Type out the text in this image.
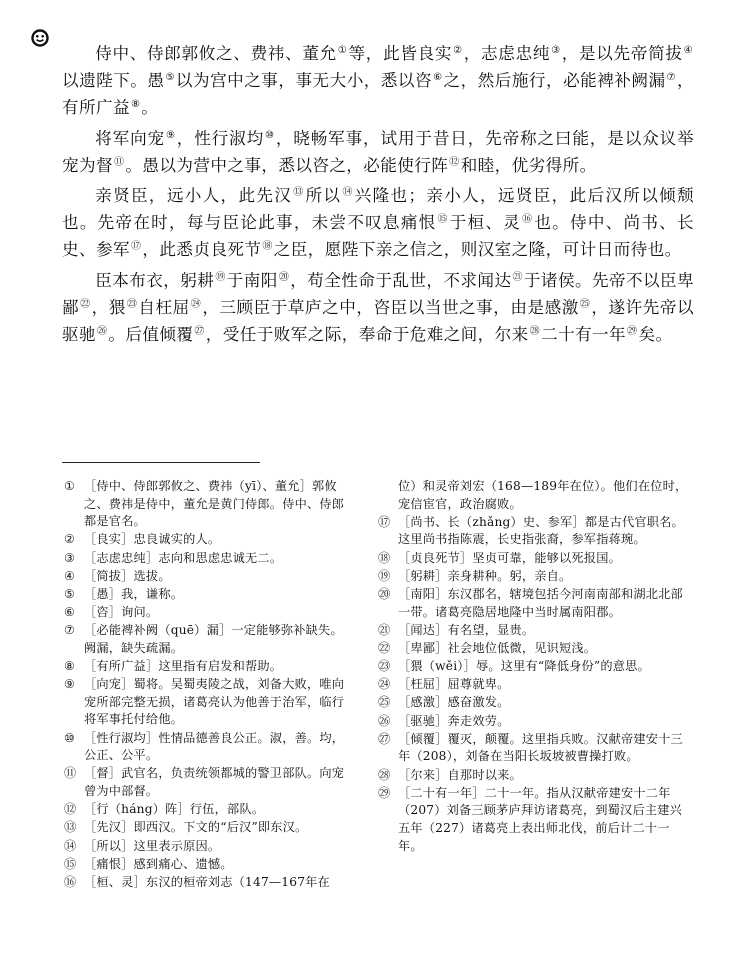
侍中、侍郎郭攸之、费祎、董允①等，此皆良实②，志虑忠纯③，是以先帝简拔④以遗陛下。愚⑤以为宫中之事，事无大小，悉以咨⑥之，然后施行，必能裨补阙漏⑦，有所广益⑧。

将军向宠⑨，性行淑均⑩，晓畅军事，试用于昔日，先帝称之曰能，是以众议举宠为督⑪。愚以为营中之事，悉以咨之，必能使行阵⑫和睦，优劣得所。

亲贤臣，远小人，此先汉⑬所以⑭兴隆也；亲小人，远贤臣，此后汉所以倾颓也。先帝在时，每与臣论此事，未尝不叹息痛恨⑮于桓、灵⑯也。侍中、尚书、长史、参军⑰，此悉贞良死节⑱之臣，愿陛下亲之信之，则汉室之隆，可计日而待也。

臣本布衣，躬耕⑲于南阳⑳，苟全性命于乱世，不求闻达$^㉑$于诸侯。先帝不以臣卑鄙$^㉒$，猥$^㉓$自枉屈$^㉔$，三顾臣于草庐之中，咨臣以当世之事，由是感激$^㉕$，遂许先帝以驱驰$^㉖$。后值倾覆$^㉗$，受任于败军之际，奉命于危难之间，尔来$^㉘$二十有一年$^㉙$矣。

① ［侍中、侍郎郭攸之、费祎（yī）、董允］郭攸之、费祎是侍中，董允是黄门侍郎。侍中、侍郎都是官名。
② ［良实］忠良诚实的人。
③ ［志虑忠纯］志向和思虑忠诚无二。
④ ［简拔］选拔。
⑤ ［愚］我，谦称。
⑥ ［咨］询问。
⑦ ［必能裨补阙（quē）漏］一定能够弥补缺失。阙漏，缺失疏漏。
⑧ ［有所广益］这里指有启发和帮助。
⑨ ［向宠］蜀将。吴蜀夷陵之战，刘备大败，唯向宠所部完整无损，诸葛亮认为他善于治军，临行将军事托付给他。
⑩ ［性行淑均］性情品德善良公正。淑，善。均，公正、公平。
⑪ ［督］武官名，负责统领都城的警卫部队。向宠曾为中部督。
⑫ ［行（háng）阵］行伍，部队。
⑬ ［先汉］即西汉。下文的“后汉”即东汉。
⑭ ［所以］这里表示原因。
⑮ ［痛恨］感到痛心、遗憾。
⑯ ［桓、灵］东汉的桓帝刘志（147—167年在
位）和灵帝刘宏（168—189年在位）。他们在位时，宠信宦官，政治腐败。
⑰ ［尚书、长（zhǎng）史、参军］都是古代官职名。这里尚书指陈震，长史指张裔，参军指蒋琬。
⑱ ［贞良死节］坚贞可靠，能够以死报国。
⑲ ［躬耕］亲身耕种。躬，亲自。
⑳ ［南阳］东汉郡名，辖境包括今河南南部和湖北北部一带。诸葛亮隐居地隆中当时属南阳郡。
㉑ ［闻达］有名望，显贵。
㉒ ［卑鄙］社会地位低微，见识短浅。
㉓ ［猥（wěi）］辱。这里有“降低身份”的意思。
㉔ ［枉屈］屈尊就卑。
㉕ ［感激］感奋激发。
㉖ ［驱驰］奔走效劳。
㉗ ［倾覆］覆灭，颠覆。这里指兵败。汉献帝建安十三年（208），刘备在当阳长坂坡被曹操打败。
㉘ ［尔来］自那时以来。
㉙ ［二十有一年］二十一年。指从汉献帝建安十二年（207）刘备三顾茅庐拜访诸葛亮，到蜀汉后主建兴五年（227）诸葛亮上表出师北伐，前后计二十一年。
